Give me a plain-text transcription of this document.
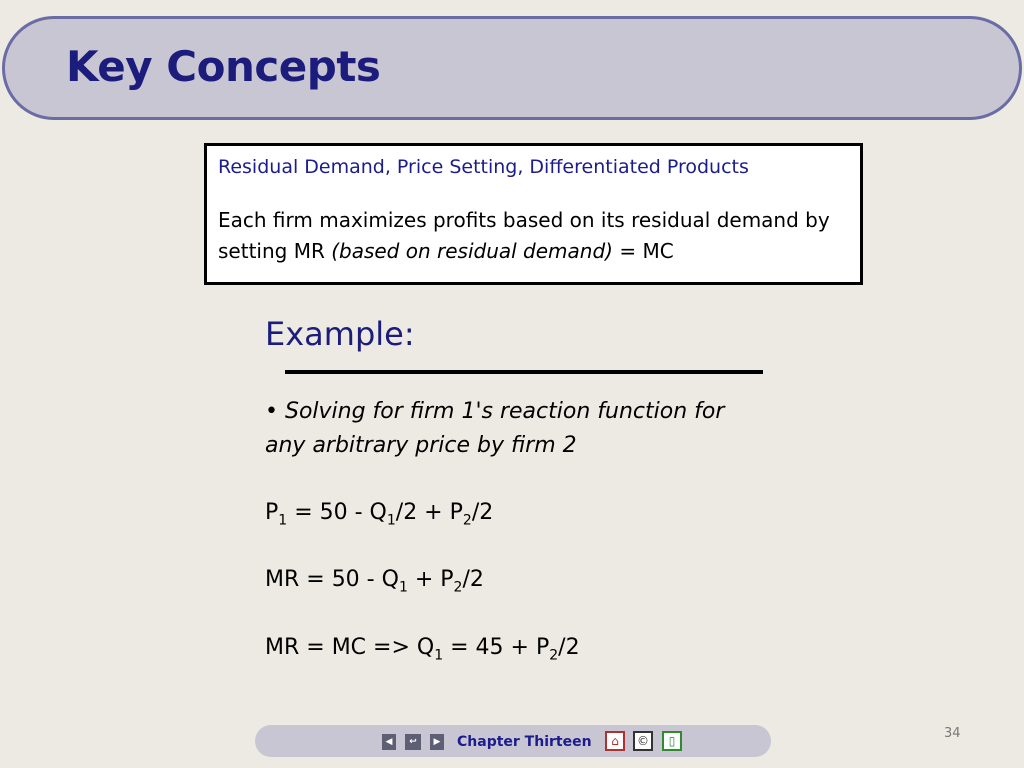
Key Concepts
Residual Demand, Price Setting, Differentiated Products
Each firm maximizes profits based on its residual demand by setting MR (based on residual demand) = MC
Example:
• Solving for firm 1's reaction function for any arbitrary price by firm 2
$P_1 = 50 - Q_1/2 + P_2/2$
MR = $50 - Q_1 + P_2/2$
MR = MC => $Q_1 = 45 + P_2/2$
◀	↩	▶ Chapter Thirteen	⌂	©	▯	34
